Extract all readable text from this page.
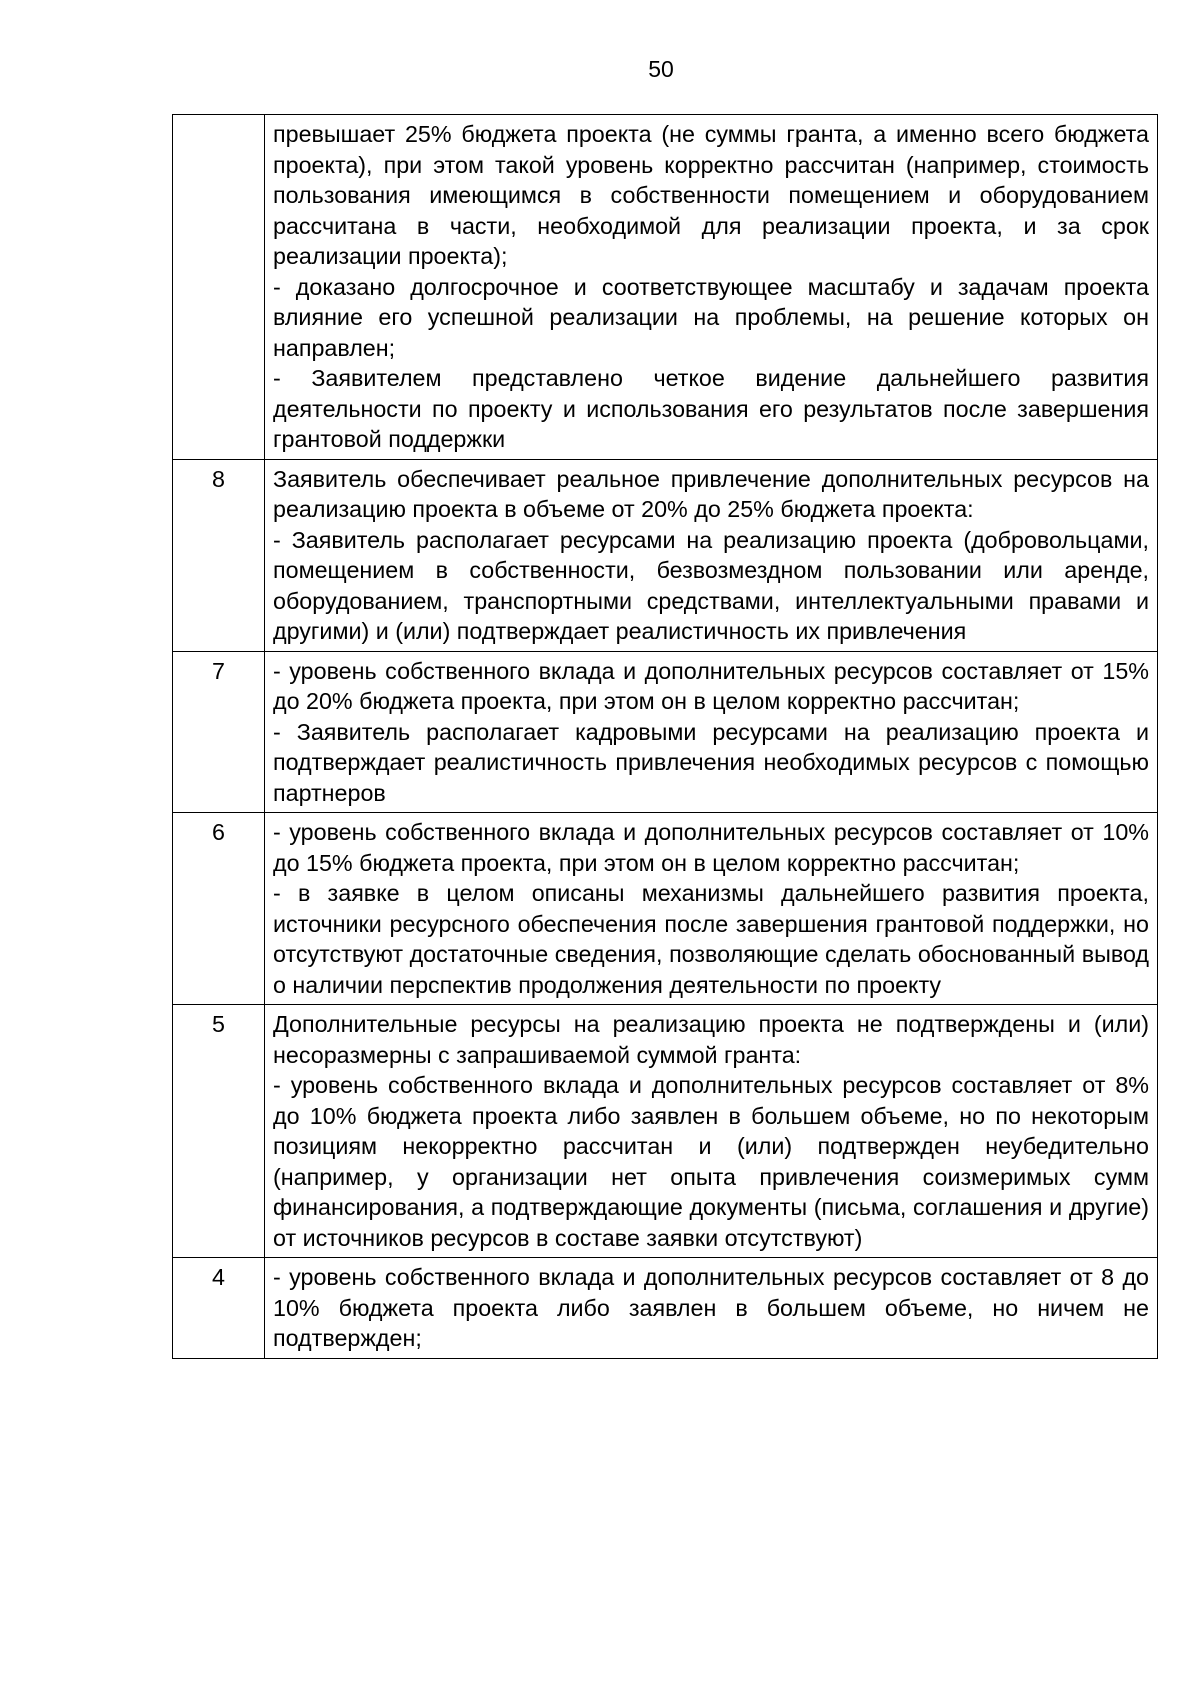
50

	превышает 25% бюджета проекта (не суммы гранта, а именно всего бюджета проекта), при этом такой уровень корректно рассчитан (например, стоимость пользования имеющимся в собственности помещением и оборудованием рассчитана в части, необходимой для реализации проекта, и за срок реализации проекта);
- доказано долгосрочное и соответствующее масштабу и задачам проекта влияние его успешной реализации на проблемы, на решение которых он направлен;
- Заявителем представлено четкое видение дальнейшего развития деятельности по проекту и использования его результатов после завершения грантовой поддержки

8	Заявитель обеспечивает реальное привлечение дополнительных ресурсов на реализацию проекта в объеме от 20% до 25% бюджета проекта:
- Заявитель располагает ресурсами на реализацию проекта (добровольцами, помещением в собственности, безвозмездном пользовании или аренде, оборудованием, транспортными средствами, интеллектуальными правами и другими) и (или) подтверждает реалистичность их привлечения

7	- уровень собственного вклада и дополнительных ресурсов составляет от 15% до 20% бюджета проекта, при этом он в целом корректно рассчитан;
- Заявитель располагает кадровыми ресурсами на реализацию проекта и подтверждает реалистичность привлечения необходимых ресурсов с помощью партнеров

6	- уровень собственного вклада и дополнительных ресурсов составляет от 10% до 15% бюджета проекта, при этом он в целом корректно рассчитан;
- в заявке в целом описаны механизмы дальнейшего развития проекта, источники ресурсного обеспечения после завершения грантовой поддержки, но отсутствуют достаточные сведения, позволяющие сделать обоснованный вывод о наличии перспектив продолжения деятельности по проекту

5	Дополнительные ресурсы на реализацию проекта не подтверждены и (или) несоразмерны с запрашиваемой суммой гранта:
- уровень собственного вклада и дополнительных ресурсов составляет от 8% до 10% бюджета проекта либо заявлен в большем объеме, но по некоторым позициям некорректно рассчитан и (или) подтвержден неубедительно (например, у организации нет опыта привлечения соизмеримых сумм финансирования, а подтверждающие документы (письма, соглашения и другие) от источников ресурсов в составе заявки отсутствуют)

4	- уровень собственного вклада и дополнительных ресурсов составляет от 8 до 10% бюджета проекта либо заявлен в большем объеме, но ничем не подтвержден;
